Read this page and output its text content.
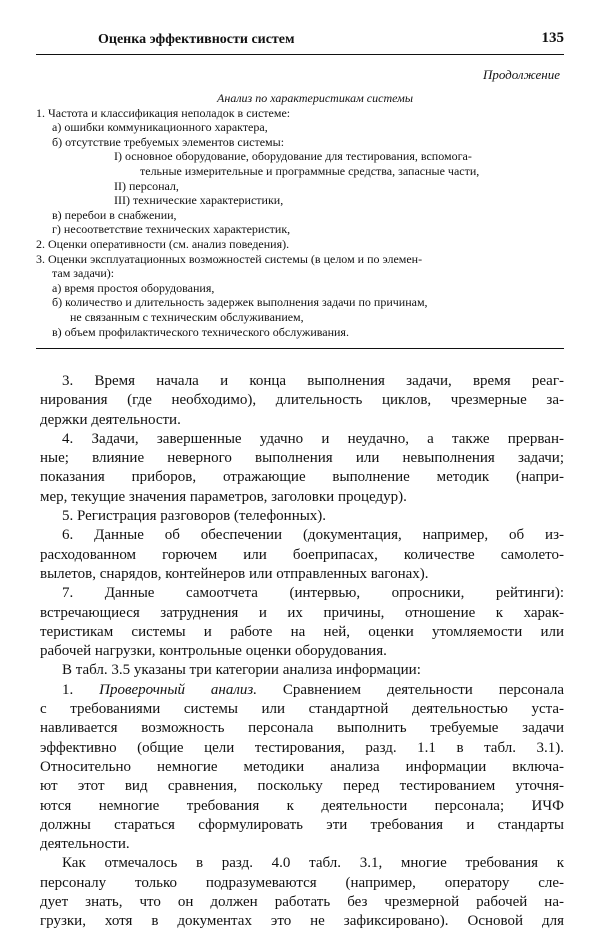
Оценка эффективности систем	135
Продолжение
Анализ по характеристикам системы
1. Частота и классификация неполадок в системе:
а) ошибки коммуникационного характера,
б) отсутствие требуемых элементов системы:
I) основное оборудование, оборудование для тестирования, вспомога-
тельные измерительные и программные средства, запасные части,
II) персонал,
III) технические характеристики,
в) перебои в снабжении,
г) несоответствие технических характеристик,
2. Оценки оперативности (см. анализ поведения).
3. Оценки эксплуатационных возможностей системы (в целом и по элемен-
там задачи):
а) время простоя оборудования,
б) количество и длительность задержек выполнения задачи по причинам,
не связанным с техническим обслуживанием,
в) объем профилактического технического обслуживания.
3. Время начала и конца выполнения задачи, время реаг-
нирования (где необходимо), длительность циклов, чрезмерные за-
держки деятельности.
4. Задачи, завершенные удачно и неудачно, а также прерван-
ные; влияние неверного выполнения или невыполнения задачи;
показания приборов, отражающие выполнение методик (напри-
мер, текущие значения параметров, заголовки процедур).
5. Регистрация разговоров (телефонных).
6. Данные об обеспечении (документация, например, об из-
расходованном горючем или боеприпасах, количестве самолето-
вылетов, снарядов, контейнеров или отправленных вагонах).
7. Данные самоотчета (интервью, опросники, рейтинги):
встречающиеся затруднения и их причины, отношение к харак-
теристикам системы и работе на ней, оценки утомляемости или
рабочей нагрузки, контрольные оценки оборудования.
В табл. 3.5 указаны три категории анализа информации:
1. Проверочный анализ. Сравнением деятельности персонала
с требованиями системы или стандартной деятельностью уста-
навливается возможность персонала выполнить требуемые задачи
эффективно (общие цели тестирования, разд. 1.1 в табл. 3.1).
Относительно немногие методики анализа информации включа-
ют этот вид сравнения, поскольку перед тестированием уточня-
ются немногие требования к деятельности персонала; ИЧФ
должны стараться сформулировать эти требования и стандарты
деятельности.
Как отмечалось в разд. 4.0 табл. 3.1, многие требования к
персоналу только подразумеваются (например, оператору сле-
дует знать, что он должен работать без чрезмерной рабочей на-
грузки, хотя в документах это не зафиксировано). Основой для
